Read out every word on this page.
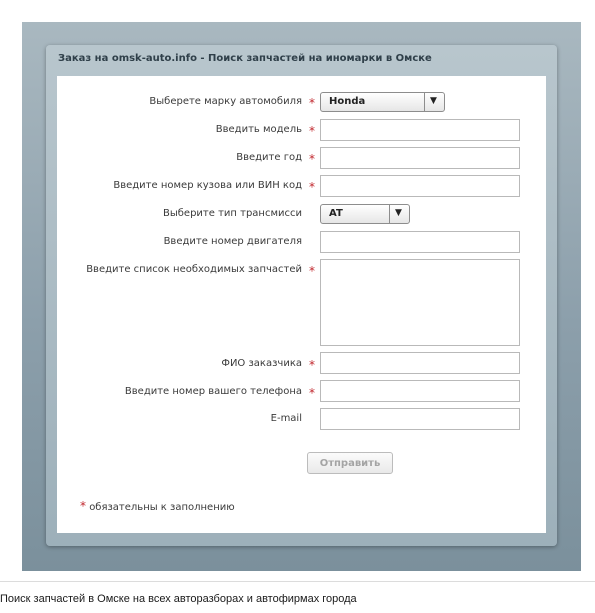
Заказ на omsk-auto.info - Поиск запчастей на иномарки в Омске
Выберете марку автомобиля * Honda	▼
Введить модель *
Введите год *
Введите номер кузова или ВИН код *
Выберите тип трансмисси	AT	▼
Введите номер двигателя
Введите список необходимых запчастей *
ФИО заказчика *
Введите номер вашего телефона *
E-mail
Отправить
* обязательны к заполнению
Поиск запчастей в Омске на всех авторазборах и автофирмах города
